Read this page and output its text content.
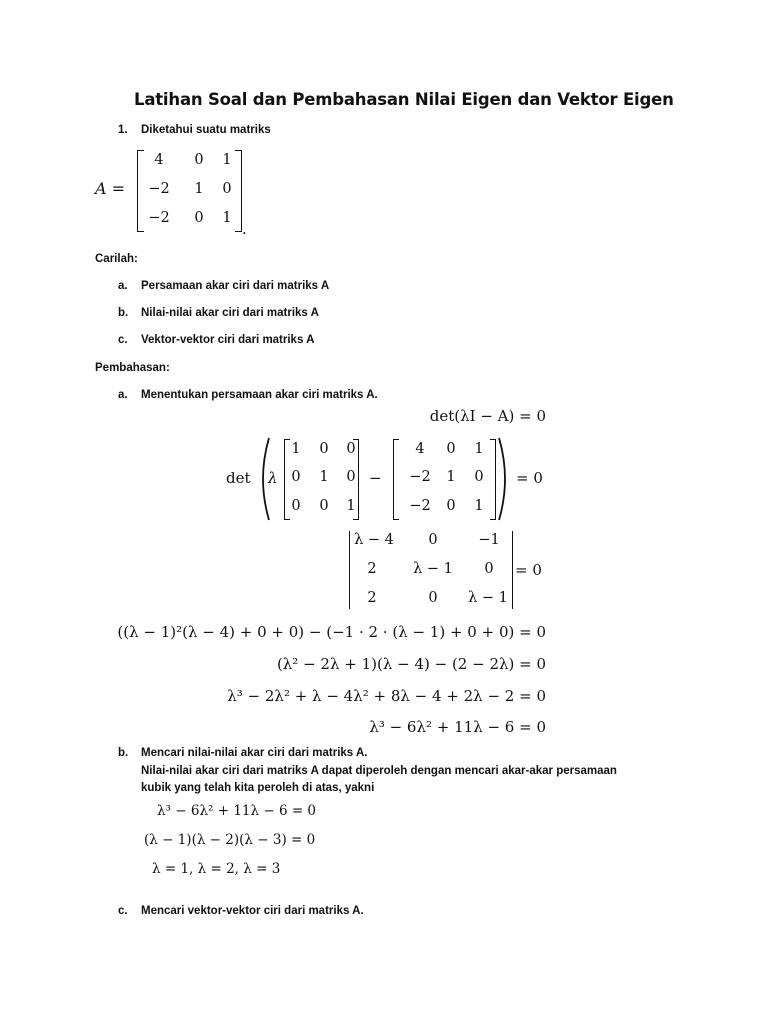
Latihan Soal dan Pembahasan Nilai Eigen dan Vektor Eigen
1. Diketahui suatu matriks
A =
4	0	1
−2	1	0
−2	0	1
.
Carilah:
a. Persamaan akar ciri dari matriks A
b. Nilai-nilai akar ciri dari matriks A
c. Vektor-vektor ciri dari matriks A
Pembahasan:
a. Menentukan persamaan akar ciri matriks A.
det(λI − A) = 0
det λ
1	0	0
0	1	0
0	0	1
−
4	0	1
−2	1	0
−2	0	1
= 0
λ − 4	0	−1
2	λ − 1	0
2	0	λ − 1
= 0
((λ − 1)²(λ − 4) + 0 + 0) − (−1 · 2 · (λ − 1) + 0 + 0) = 0
(λ² − 2λ + 1)(λ − 4) − (2 − 2λ) = 0
λ³ − 2λ² + λ − 4λ² + 8λ − 4 + 2λ − 2 = 0
λ³ − 6λ² + 11λ − 6 = 0
b. Mencari nilai-nilai akar ciri dari matriks A.
Nilai-nilai akar ciri dari matriks A dapat diperoleh dengan mencari akar-akar persamaan
kubik yang telah kita peroleh di atas, yakni
λ³ − 6λ² + 11λ − 6 = 0
(λ − 1)(λ − 2)(λ − 3) = 0
λ = 1, λ = 2, λ = 3
c. Mencari vektor-vektor ciri dari matriks A.
